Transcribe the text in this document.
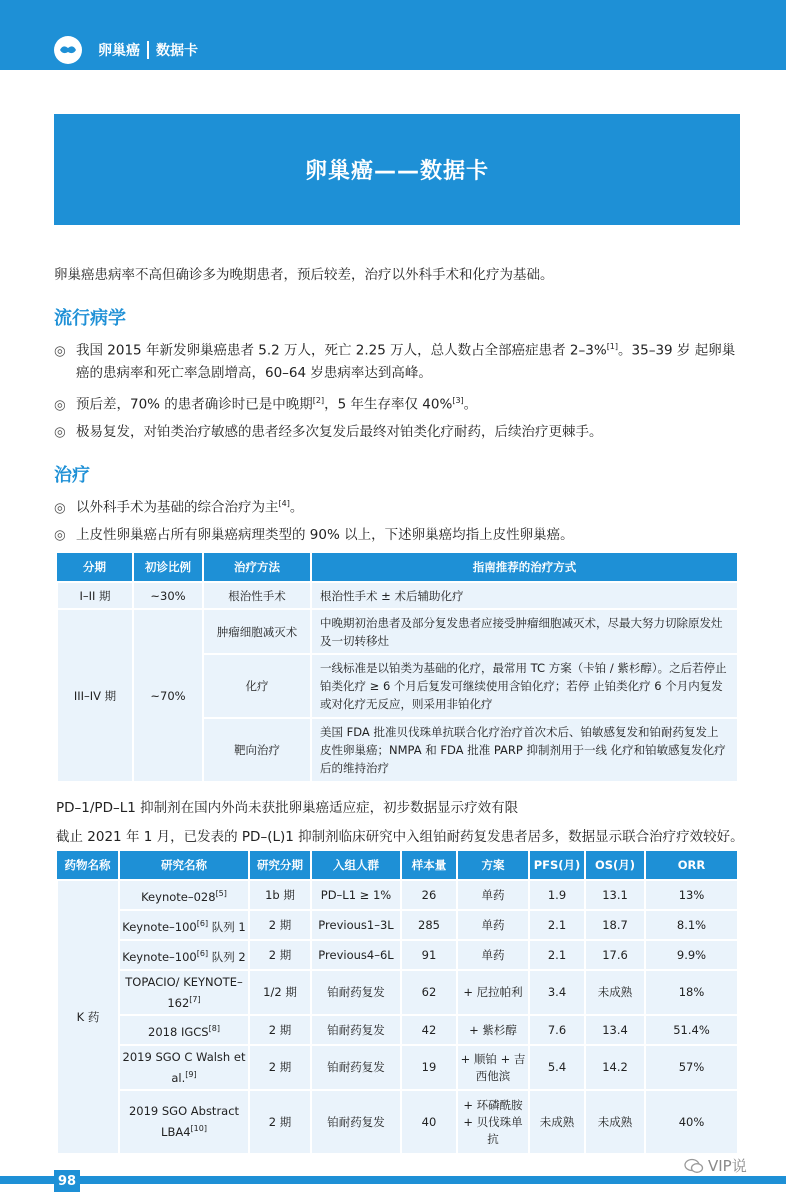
卵巢癌 数据卡
卵巢癌——数据卡
卵巢癌患病率不高但确诊多为晚期患者，预后较差，治疗以外科手术和化疗为基础。
流行病学
◎ 我国 2015 年新发卵巢癌患者 5.2 万人，死亡 2.25 万人，总人数占全部癌症患者 2–3%[1]。35–39 岁 起卵巢
癌的患病率和死亡率急剧增高，60–64 岁患病率达到高峰。
◎ 预后差，70% 的患者确诊时已是中晚期[2]，5 年生存率仅 40%[3]。
◎ 极易复发，对铂类治疗敏感的患者经多次复发后最终对铂类化疗耐药，后续治疗更棘手。
治疗
◎ 以外科手术为基础的综合治疗为主[4]。
◎ 上皮性卵巢癌占所有卵巢癌病理类型的 90% 以上，下述卵巢癌均指上皮性卵巢癌。
分期	初诊比例	治疗方法	指南推荐的治疗方式
I–II 期	~30%	根治性手术	根治性手术 ± 术后辅助化疗
III–IV 期	~70%	肿瘤细胞减灭术	中晚期初治患者及部分复发患者应接受肿瘤细胞减灭术，尽最大努力切除原发灶及一切转移灶
		化疗	一线标准是以铂类为基础的化疗，最常用 TC 方案（卡铂 / 紫杉醇）。之后若停止铂类化疗 ≥ 6 个月后复发可继续使用含铂化疗；若停 止铂类化疗 6 个月内复发或对化疗无反应，则采用非铂化疗
		靶向治疗	美国 FDA 批准贝伐珠单抗联合化疗治疗首次术后、铂敏感复发和铂耐药复发上皮性卵巢癌；NMPA 和 FDA 批准 PARP 抑制剂用于一线 化疗和铂敏感复发化疗后的维持治疗
PD–1/PD–L1 抑制剂在国内外尚未获批卵巢癌适应症，初步数据显示疗效有限
截止 2021 年 1 月，已发表的 PD–(L)1 抑制剂临床研究中入组铂耐药复发患者居多，数据显示联合治疗疗效较好。
药物名称	研究名称	研究分期	入组人群	样本量	方案	PFS(月)	OS(月)	ORR
K 药	Keynote–028[5]	1b 期	PD–L1 ≥ 1%	26	单药	1.9	13.1	13%
	Keynote–100[6] 队列 1	2 期	Previous1–3L	285	单药	2.1	18.7	8.1%
	Keynote–100[6] 队列 2	2 期	Previous4–6L	91	单药	2.1	17.6	9.9%
	TOPACIO/ KEYNOTE–162[7]	1/2 期	铂耐药复发	62	+ 尼拉帕利	3.4	未成熟	18%
	2018 IGCS[8]	2 期	铂耐药复发	42	+ 紫杉醇	7.6	13.4	51.4%
	2019 SGO C Walsh et al.[9]	2 期	铂耐药复发	19	+ 顺铂 + 吉西他滨	5.4	14.2	57%
	2019 SGO Abstract LBA4[10]	2 期	铂耐药复发	40	+ 环磷酰胺 + 贝伐珠单抗	未成熟	未成熟	40%
98
VIP说
